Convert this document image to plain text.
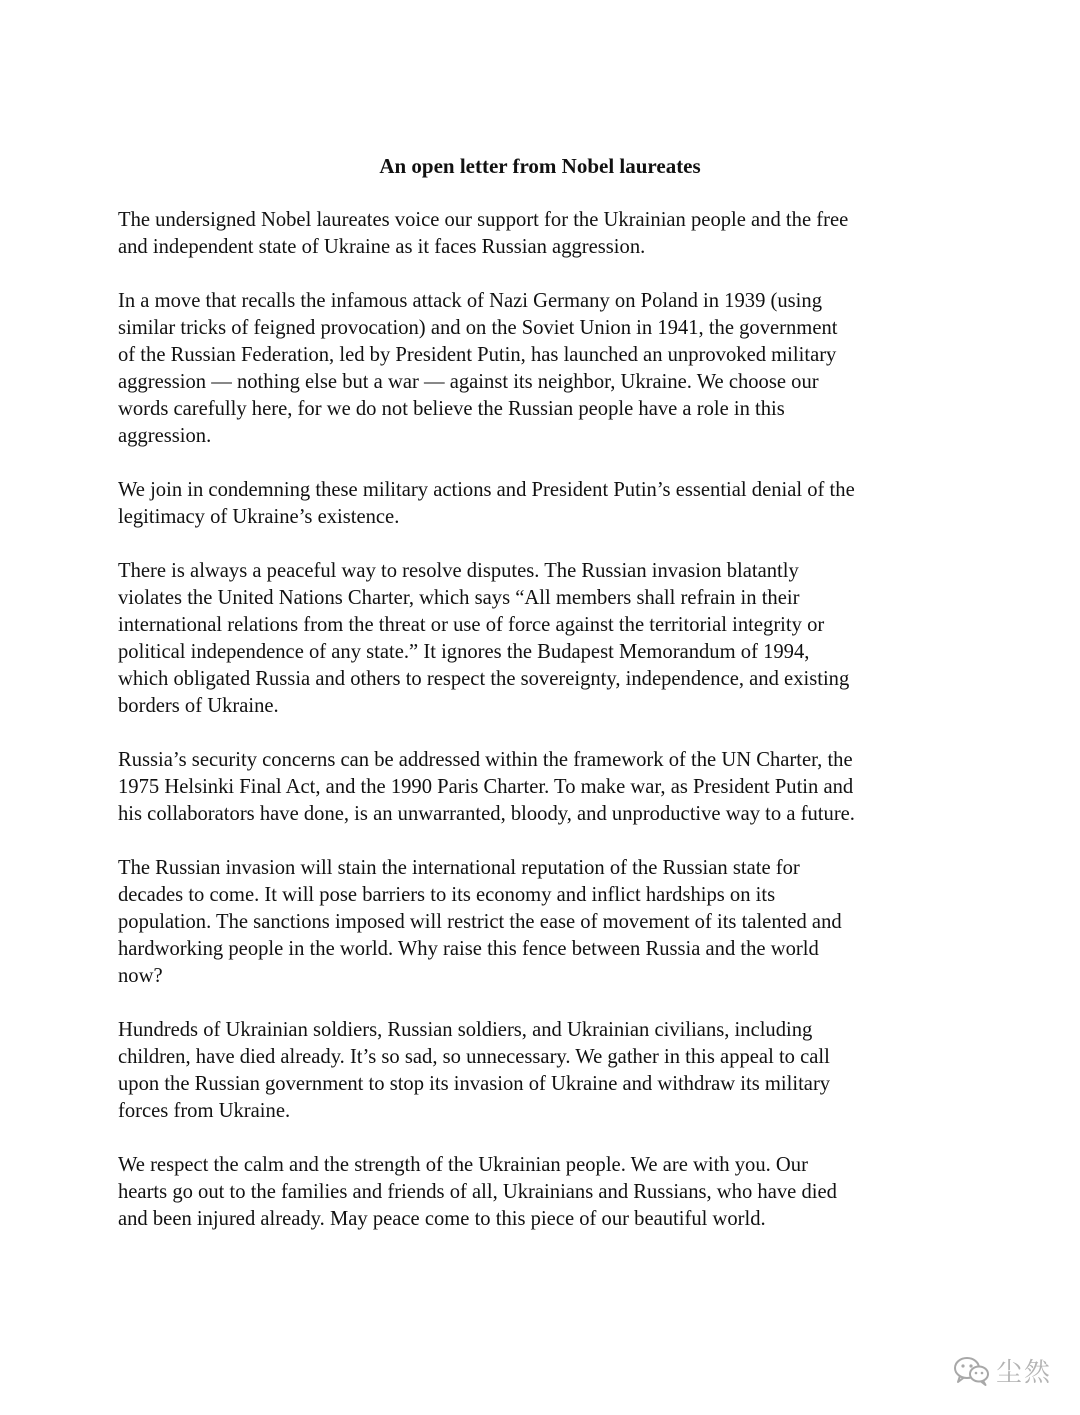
An open letter from Nobel laureates

The undersigned Nobel laureates voice our support for the Ukrainian people and the free
and independent state of Ukraine as it faces Russian aggression.

In a move that recalls the infamous attack of Nazi Germany on Poland in 1939 (using
similar tricks of feigned provocation) and on the Soviet Union in 1941, the government
of the Russian Federation, led by President Putin, has launched an unprovoked military
aggression — nothing else but a war — against its neighbor, Ukraine. We choose our
words carefully here, for we do not believe the Russian people have a role in this
aggression.

We join in condemning these military actions and President Putin’s essential denial of the
legitimacy of Ukraine’s existence.

There is always a peaceful way to resolve disputes. The Russian invasion blatantly
violates the United Nations Charter, which says “All members shall refrain in their
international relations from the threat or use of force against the territorial integrity or
political independence of any state.” It ignores the Budapest Memorandum of 1994,
which obligated Russia and others to respect the sovereignty, independence, and existing
borders of Ukraine.

Russia’s security concerns can be addressed within the framework of the UN Charter, the
1975 Helsinki Final Act, and the 1990 Paris Charter. To make war, as President Putin and
his collaborators have done, is an unwarranted, bloody, and unproductive way to a future.

The Russian invasion will stain the international reputation of the Russian state for
decades to come. It will pose barriers to its economy and inflict hardships on its
population. The sanctions imposed will restrict the ease of movement of its talented and
hardworking people in the world. Why raise this fence between Russia and the world
now?

Hundreds of Ukrainian soldiers, Russian soldiers, and Ukrainian civilians, including
children, have died already. It’s so sad, so unnecessary. We gather in this appeal to call
upon the Russian government to stop its invasion of Ukraine and withdraw its military
forces from Ukraine.

We respect the calm and the strength of the Ukrainian people. We are with you. Our
hearts go out to the families and friends of all, Ukrainians and Russians, who have died
and been injured already. May peace come to this piece of our beautiful world.

尘然
